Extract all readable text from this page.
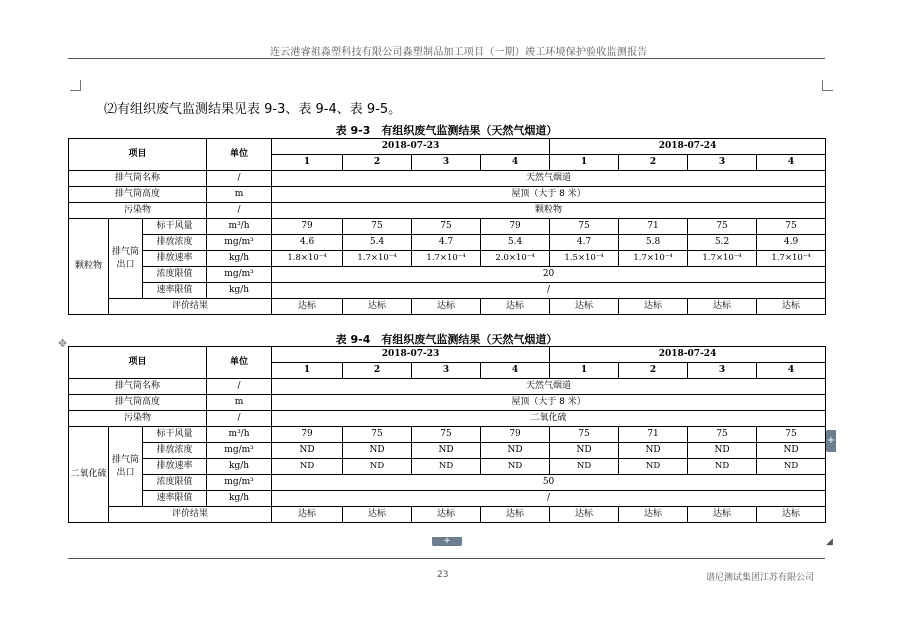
连云港睿祖淼塑科技有限公司淼塑制品加工项目（一期）竣工环境保护验收监测报告
⑵有组织废气监测结果见表 9-3、表 9-4、表 9-5。
表 9-3　有组织废气监测结果（天然气烟道）
项目			单位	2018-07-23				2018-07-24			
				1	2	3	4	1	2	3	4
排气筒名称			/	天然气烟道							
排气筒高度			m	屋顶（大于 8 米）							
污染物			/	颗粒物							
颗粒物	排气筒出口	标干风量	m³/h	79	75	75	79	75	71	75	75
		排放浓度	mg/m³	4.6	5.4	4.7	5.4	4.7	5.8	5.2	4.9
		排放速率	kg/h	1.8×10⁻⁴	1.7×10⁻⁴	1.7×10⁻⁴	2.0×10⁻⁴	1.5×10⁻⁴	1.7×10⁻⁴	1.7×10⁻⁴	1.7×10⁻⁴
		浓度限值	mg/m³	20							
		速率限值	kg/h	/							
	评价结果			达标	达标	达标	达标	达标	达标	达标	达标
✥	表 9-4　有组织废气监测结果（天然气烟道）
项目			单位	2018-07-23				2018-07-24			
				1	2	3	4	1	2	3	4
排气筒名称			/	天然气烟道							
排气筒高度			m	屋顶（大于 8 米）							
污染物			/	二氧化硫							
二氧化硫	排气筒出口	标干风量	m³/h	79	75	75	79	75	71	75	75
		排放浓度	mg/m³	ND	ND	ND	ND	ND	ND	ND	ND
		排放速率	kg/h	ND	ND	ND	ND	ND	ND	ND	ND
		浓度限值	mg/m³	50							
		速率限值	kg/h	/							
	评价结果			达标	达标	达标	达标	达标	达标	达标	达标
+
+	◢
23	谱尼测试集团江苏有限公司
